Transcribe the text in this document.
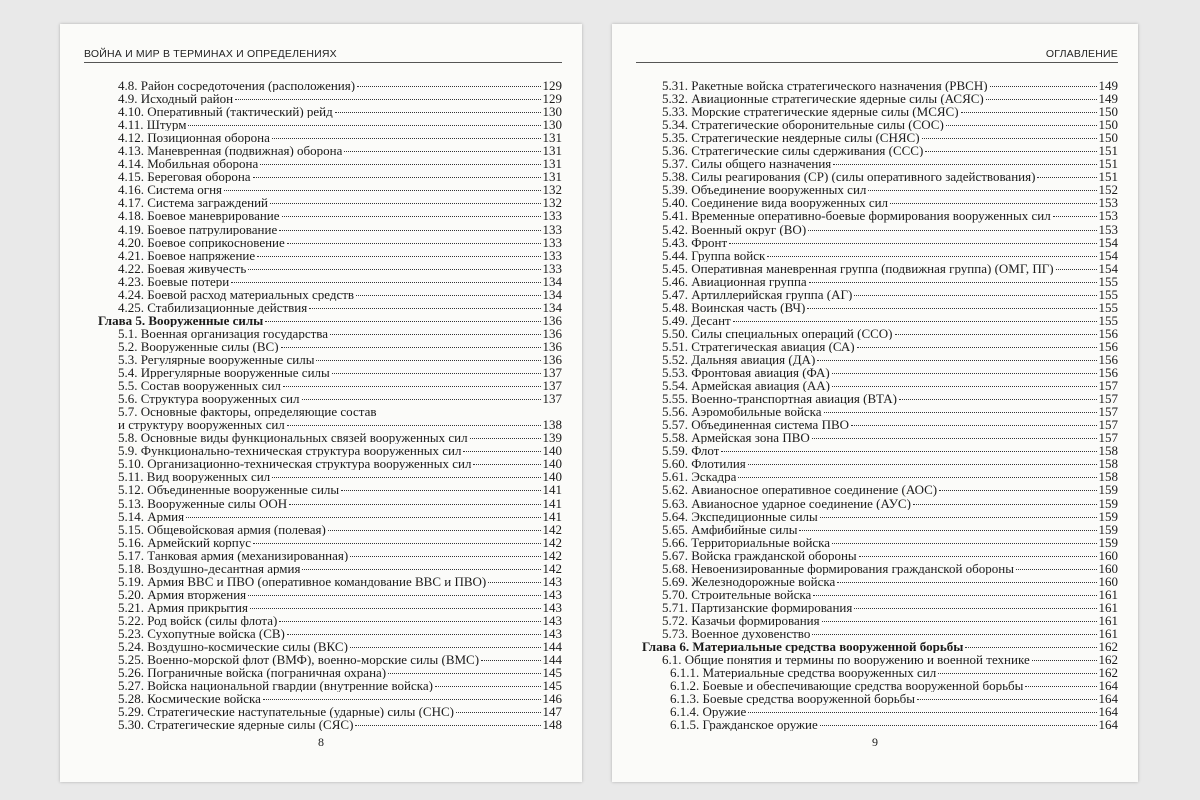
ВОЙНА И МИР В ТЕРМИНАХ И ОПРЕДЕЛЕНИЯХ
4.8. Район сосредоточения (расположения)	129
4.9. Исходный район	129
4.10. Оперативный (тактический) рейд	130
4.11. Штурм	130
4.12. Позиционная оборона	131
4.13. Маневренная (подвижная) оборона	131
4.14. Мобильная оборона	131
4.15. Береговая оборона	131
4.16. Система огня	132
4.17. Система заграждений	132
4.18. Боевое маневрирование	133
4.19. Боевое патрулирование	133
4.20. Боевое соприкосновение	133
4.21. Боевое напряжение	133
4.22. Боевая живучесть	133
4.23. Боевые потери	134
4.24. Боевой расход материальных средств	134
4.25. Стабилизационные действия	134
Глава 5. Вооруженные силы	136
5.1. Военная организация государства	136
5.2. Вооруженные силы (ВС)	136
5.3. Регулярные вооруженные силы	136
5.4. Иррегулярные вооруженные силы	137
5.5. Состав вооруженных сил	137
5.6. Структура вооруженных сил	137
5.7. Основные факторы, определяющие состав
и структуру вооруженных сил	138
5.8. Основные виды функциональных связей вооруженных сил	139
5.9. Функционально-техническая структура вооруженных сил	140
5.10. Организационно-техническая структура вооруженных сил	140
5.11. Вид вооруженных сил	140
5.12. Объединенные вооруженные силы	141
5.13. Вооруженные силы ООН	141
5.14. Армия	141
5.15. Общевойсковая армия (полевая)	142
5.16. Армейский корпус	142
5.17. Танковая армия (механизированная)	142
5.18. Воздушно-десантная армия	142
5.19. Армия ВВС и ПВО (оперативное командование ВВС и ПВО)	143
5.20. Армия вторжения	143
5.21. Армия прикрытия	143
5.22. Род войск (силы флота)	143
5.23. Сухопутные войска (СВ)	143
5.24. Воздушно-космические силы (ВКС)	144
5.25. Военно-морской флот (ВМФ), военно-морские силы (ВМС)	144
5.26. Пограничные войска (пограничная охрана)	145
5.27. Войска национальной гвардии (внутренние войска)	145
5.28. Космические войска	146
5.29. Стратегические наступательные (ударные) силы (СНС)	147
5.30. Стратегические ядерные силы (СЯС)	148
8
ОГЛАВЛЕНИЕ
5.31. Ракетные войска стратегического назначения (РВСН)	149
5.32. Авиационные стратегические ядерные силы (АСЯС)	149
5.33. Морские стратегические ядерные силы (МСЯС)	150
5.34. Стратегические оборонительные силы (СОС)	150
5.35. Стратегические неядерные силы (СНЯС)	150
5.36. Стратегические силы сдерживания (ССС)	151
5.37. Силы общего назначения	151
5.38. Силы реагирования (СР) (силы оперативного задействования)	151
5.39. Объединение вооруженных сил	152
5.40. Соединение вида вооруженных сил	153
5.41. Временные оперативно-боевые формирования вооруженных сил	153
5.42. Военный округ (ВО)	153
5.43. Фронт	154
5.44. Группа войск	154
5.45. Оперативная маневренная группа (подвижная группа) (ОМГ, ПГ)	154
5.46. Авиационная группа	155
5.47. Артиллерийская группа (АГ)	155
5.48. Воинская часть (ВЧ)	155
5.49. Десант	155
5.50. Силы специальных операций (ССО)	156
5.51. Стратегическая авиация (СА)	156
5.52. Дальняя авиация (ДА)	156
5.53. Фронтовая авиация (ФА)	156
5.54. Армейская авиация (АА)	157
5.55. Военно-транспортная авиация (ВТА)	157
5.56. Аэромобильные войска	157
5.57. Объединенная система ПВО	157
5.58. Армейская зона ПВО	157
5.59. Флот	158
5.60. Флотилия	158
5.61. Эскадра	158
5.62. Авианосное оперативное соединение (АОС)	159
5.63. Авианосное ударное соединение (АУС)	159
5.64. Экспедиционные силы	159
5.65. Амфибийные силы	159
5.66. Территориальные войска	159
5.67. Войска гражданской обороны	160
5.68. Невоенизированные формирования гражданской обороны	160
5.69. Железнодорожные войска	160
5.70. Строительные войска	161
5.71. Партизанские формирования	161
5.72. Казачьи формирования	161
5.73. Военное духовенство	161
Глава 6. Материальные средства вооруженной борьбы	162
6.1. Общие понятия и термины по вооружению и военной технике	162
6.1.1. Материальные средства вооруженных сил	162
6.1.2. Боевые и обеспечивающие средства вооруженной борьбы	164
6.1.3. Боевые средства вооруженной борьбы	164
6.1.4. Оружие	164
6.1.5. Гражданское оружие	164
9
